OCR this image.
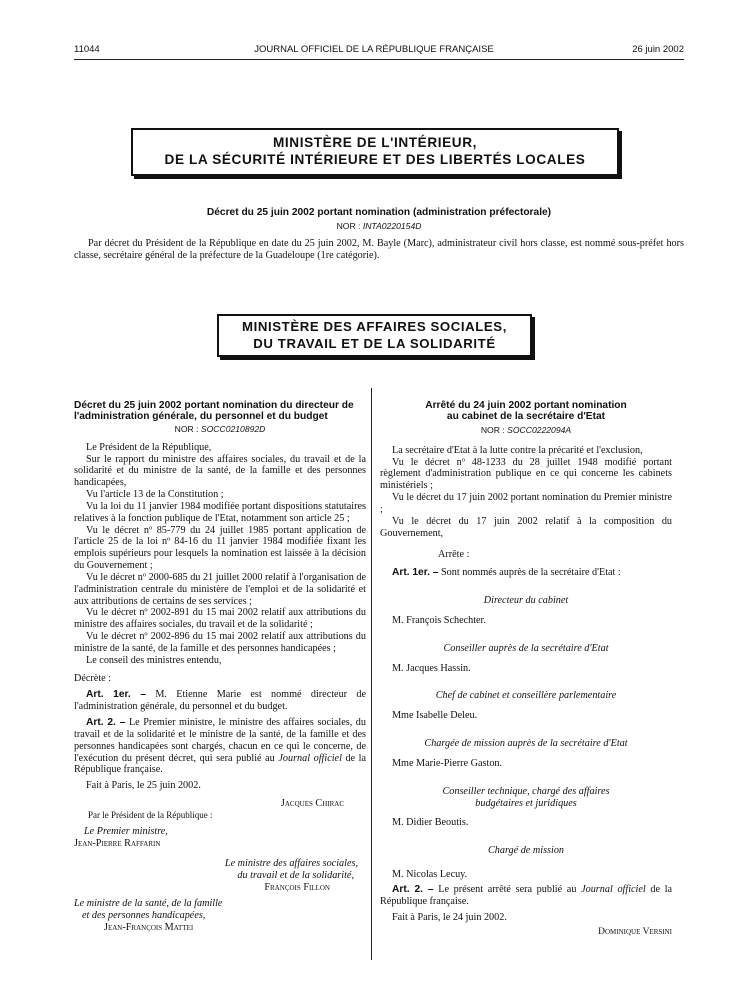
11044	JOURNAL OFFICIEL DE LA RÉPUBLIQUE FRANÇAISE	26 juin 2002
MINISTÈRE DE L'INTÉRIEUR,
DE LA SÉCURITÉ INTÉRIEURE ET DES LIBERTÉS LOCALES
Décret du 25 juin 2002 portant nomination (administration préfectorale)
NOR : INTA0220154D
Par décret du Président de la République en date du 25 juin 2002, M. Bayle (Marc), administrateur civil hors classe, est nommé sous-préfet hors classe, secrétaire général de la préfecture de la Guadeloupe (1re catégorie).
MINISTÈRE DES AFFAIRES SOCIALES,
DU TRAVAIL ET DE LA SOLIDARITÉ
Décret du 25 juin 2002 portant nomination du directeur de l'administration générale, du personnel et du budget
NOR : SOCC0210892D

Le Président de la République,

Sur le rapport du ministre des affaires sociales, du travail et de la solidarité et du ministre de la santé, de la famille et des personnes handicapées,

Vu l'article 13 de la Constitution ;

Vu la loi du 11 janvier 1984 modifiée portant dispositions statutaires relatives à la fonction publique de l'Etat, notamment son article 25 ;

Vu le décret nº 85-779 du 24 juillet 1985 portant application de l'article 25 de la loi nº 84-16 du 11 janvier 1984 modifiée fixant les emplois supérieurs pour lesquels la nomination est laissée à la décision du Gouvernement ;

Vu le décret nº 2000-685 du 21 juillet 2000 relatif à l'organisation de l'administration centrale du ministère de l'emploi et de la solidarité et aux attributions de certains de ses services ;

Vu le décret nº 2002-891 du 15 mai 2002 relatif aux attributions du ministre des affaires sociales, du travail et de la solidarité ;

Vu le décret nº 2002-896 du 15 mai 2002 relatif aux attributions du ministre de la santé, de la famille et des personnes handicapées ;

Le conseil des ministres entendu,

Décrète :

Art. 1er. – M. Etienne Marie est nommé directeur de l'administration générale, du personnel et du budget.

Art. 2. – Le Premier ministre, le ministre des affaires sociales, du travail et de la solidarité et le ministre de la santé, de la famille et des personnes handicapées sont chargés, chacun en ce qui le concerne, de l'exécution du présent décret, qui sera publié au Journal officiel de la République française.

Fait à Paris, le 25 juin 2002.

Jacques Chirac
Par le Président de la République :
Le Premier ministre,
Jean-Pierre Raffarin
Le ministre des affaires sociales,
du travail et de la solidarité,
François Fillon
Le ministre de la santé, de la famille
et des personnes handicapées,
Jean-François Mattei
Arrêté du 24 juin 2002 portant nomination
au cabinet de la secrétaire d'Etat
NOR : SOCC0222094A

La secrétaire d'Etat à la lutte contre la précarité et l'exclusion,

Vu le décret nº 48-1233 du 28 juillet 1948 modifié portant règlement d'administration publique en ce qui concerne les cabinets ministériels ;

Vu le décret du 17 juin 2002 portant nomination du Premier ministre ;

Vu le décret du 17 juin 2002 relatif à la composition du Gouvernement,

Arrête :

Art. 1er. – Sont nommés auprès de la secrétaire d'Etat :

Directeur du cabinet

M. François Schechter.

Conseiller auprès de la secrétaire d'Etat

M. Jacques Hassin.

Chef de cabinet et conseillère parlementaire

Mme Isabelle Deleu.

Chargée de mission auprès de la secrétaire d'Etat

Mme Marie-Pierre Gaston.

Conseiller technique, chargé des affaires budgétaires et juridiques

M. Didier Beoutis.

Chargé de mission

M. Nicolas Lecuy.

Art. 2. – Le présent arrêté sera publié au Journal officiel de la République française.

Fait à Paris, le 24 juin 2002.

Dominique Versini
